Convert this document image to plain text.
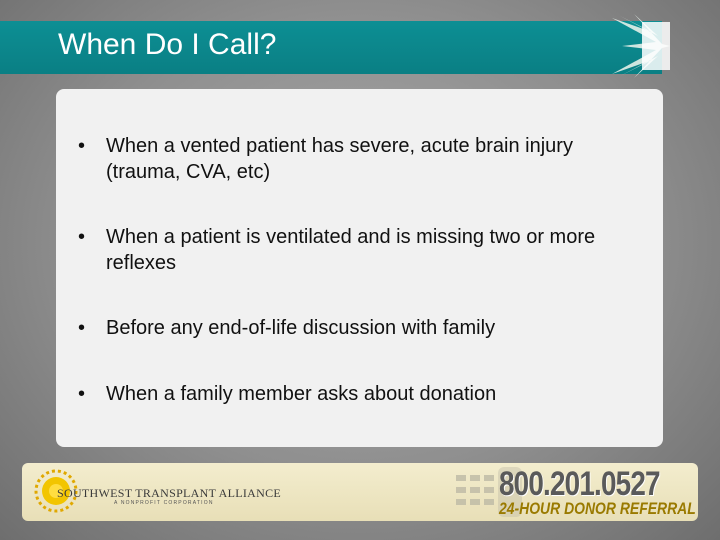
When Do I Call?
•	When a vented patient has severe, acute brain injury (trauma, CVA, etc)
•	When a patient is ventilated and is missing two or more reflexes
•	Before any end-of-life discussion with family
•	When a family member asks about donation
SOUTHWEST TRANSPLANT ALLIANCE
A NONPROFIT CORPORATION	800.201.0527
24-HOUR DONOR REFERRAL
